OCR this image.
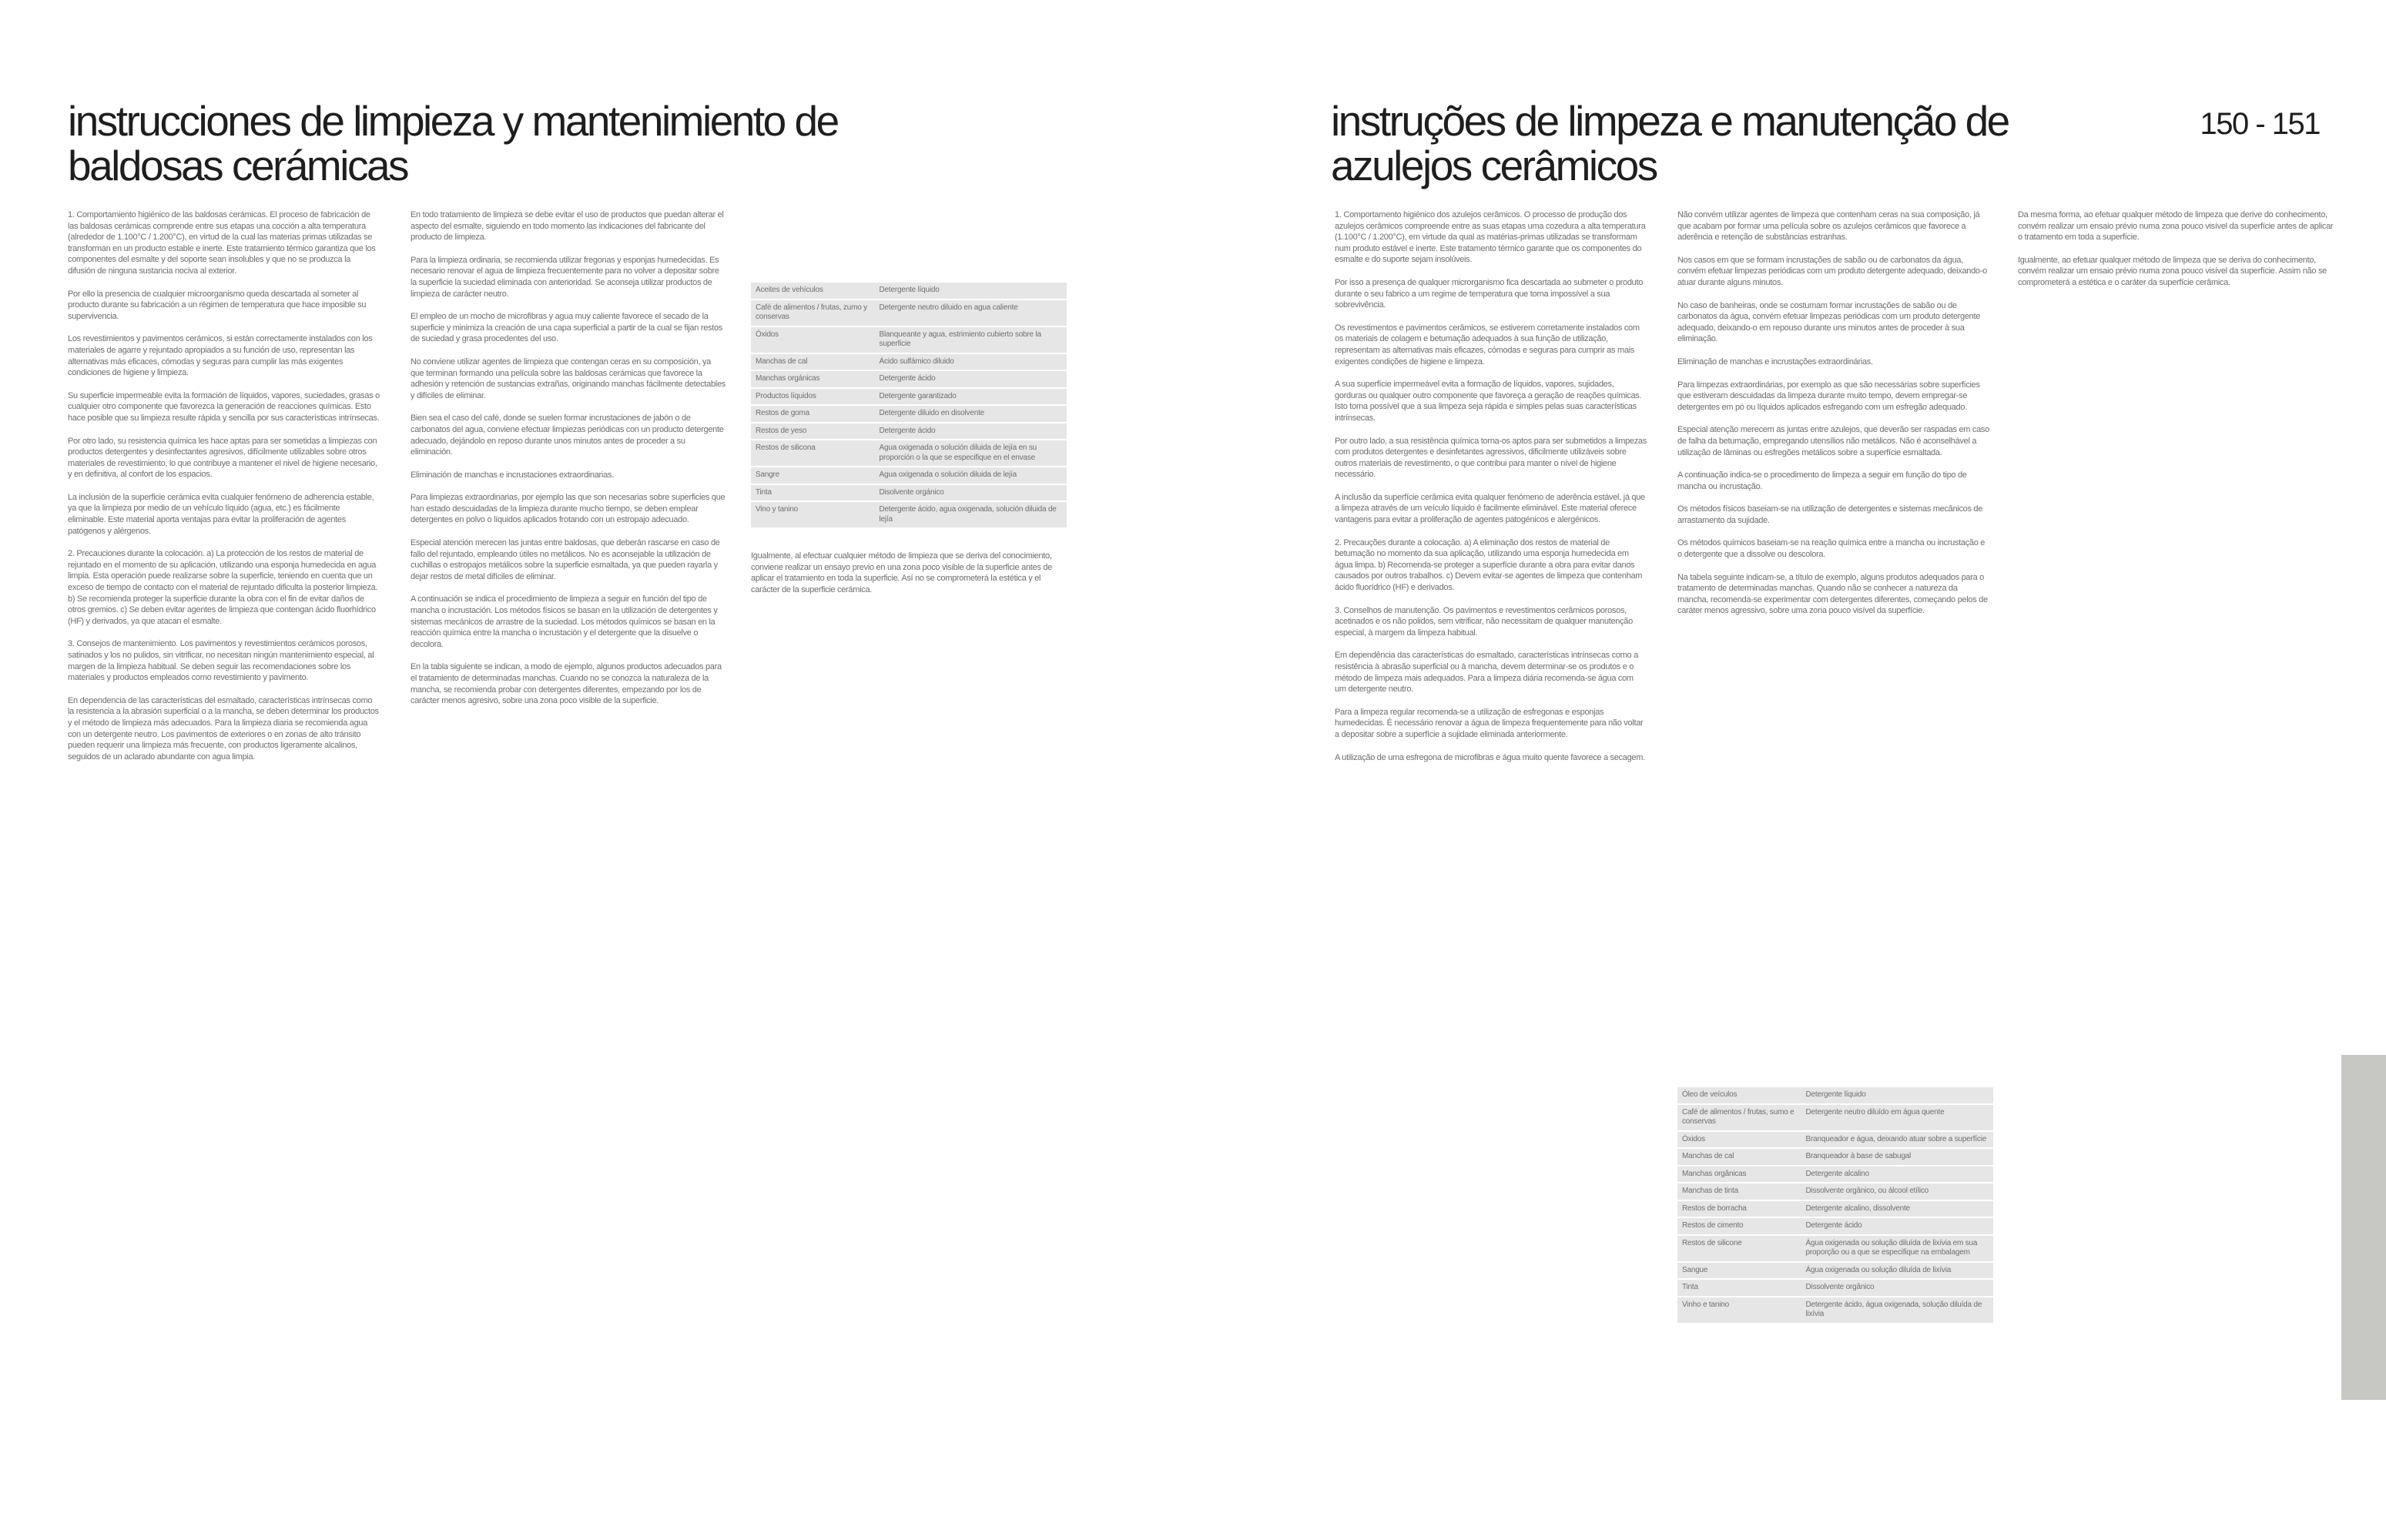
instrucciones de limpieza y mantenimiento de baldosas cerámicas
instruções de limpeza e manutenção de azulejos cerâmicos
150 - 151

1. Comportamiento higiénico de las baldosas cerámicas. El proceso de fabricación de las baldosas cerámicas comprende entre sus etapas una cocción a alta temperatura (alrededor de 1.100°C / 1.200°C), en virtud de la cual las materias primas utilizadas se transforman en un producto estable e inerte. Este tratamiento térmico garantiza que los componentes del esmalte y del soporte sean insolubles y que no se produzca la difusión de ninguna sustancia nociva al exterior.

Por ello la presencia de cualquier microorganismo queda descartada al someter al producto durante su fabricación a un régimen de temperatura que hace imposible su supervivencia.

Los revestimientos y pavimentos cerámicos, si están correctamente instalados con los materiales de agarre y rejuntado apropiados a su función de uso, representan las alternativas más eficaces, cómodas y seguras para cumplir las más exigentes condiciones de higiene y limpieza.

Su superficie impermeable evita la formación de líquidos, vapores, suciedades, grasas o cualquier otro componente que favorezca la generación de reacciones químicas. Esto hace posible que su limpieza resulte rápida y sencilla por sus características intrínsecas.

Por otro lado, su resistencia química les hace aptas para ser sometidas a limpiezas con productos detergentes y desinfectantes agresivos, difícilmente utilizables sobre otros materiales de revestimiento, lo que contribuye a mantener el nivel de higiene necesario, y en definitiva, al confort de los espacios.

La inclusión de la superficie cerámica evita cualquier fenómeno de adherencia estable, ya que la limpieza por medio de un vehículo líquido (agua, etc.) es fácilmente eliminable. Este material aporta ventajas para evitar la proliferación de agentes patógenos y alérgenos.

2. Precauciones durante la colocación. a) La protección de los restos de material de rejuntado en el momento de su aplicación, utilizando una esponja humedecida en agua limpia. Esta operación puede realizarse sobre la superficie, teniendo en cuenta que un exceso de tiempo de contacto con el material de rejuntado dificulta la posterior limpieza. b) Se recomienda proteger la superficie durante la obra con el fin de evitar daños de otros gremios. c) Se deben evitar agentes de limpieza que contengan ácido fluorhídrico (HF) y derivados, ya que atacan el esmalte.

3. Consejos de mantenimiento. Los pavimentos y revestimientos cerámicos porosos, satinados y los no pulidos, sin vitrificar, no necesitan ningún mantenimiento especial, al margen de la limpieza habitual. Se deben seguir las recomendaciones sobre los materiales y productos empleados como revestimiento y pavimento.

En dependencia de las características del esmaltado, características intrínsecas como la resistencia a la abrasión superficial o a la mancha, se deben determinar los productos y el método de limpieza más adecuados. Para la limpieza diaria se recomienda agua con un detergente neutro. Los pavimentos de exteriores o en zonas de alto tránsito pueden requerir una limpieza más frecuente, con productos ligeramente alcalinos, seguidos de un aclarado abundante con agua limpia.

En todo tratamiento de limpieza se debe evitar el uso de productos que puedan alterar el aspecto del esmalte, siguiendo en todo momento las indicaciones del fabricante del producto de limpieza.

Para la limpieza ordinaria, se recomienda utilizar fregonas y esponjas humedecidas. Es necesario renovar el agua de limpieza frecuentemente para no volver a depositar sobre la superficie la suciedad eliminada con anterioridad. Se aconseja utilizar productos de limpieza de carácter neutro.

El empleo de un mocho de microfibras y agua muy caliente favorece el secado de la superficie y minimiza la creación de una capa superficial a partir de la cual se fijan restos de suciedad y grasa procedentes del uso.

No conviene utilizar agentes de limpieza que contengan ceras en su composición, ya que terminan formando una película sobre las baldosas cerámicas que favorece la adhesión y retención de sustancias extrañas, originando manchas fácilmente detectables y difíciles de eliminar.

Bien sea el caso del café, donde se suelen formar incrustaciones de jabón o de carbonatos del agua, conviene efectuar limpiezas periódicas con un producto detergente adecuado, dejándolo en reposo durante unos minutos antes de proceder a su eliminación.

Eliminación de manchas e incrustaciones extraordinarias.

Para limpiezas extraordinarias, por ejemplo las que son necesarias sobre superficies que han estado descuidadas de la limpieza durante mucho tiempo, se deben emplear detergentes en polvo o líquidos aplicados frotando con un estropajo adecuado.

Especial atención merecen las juntas entre baldosas, que deberán rascarse en caso de fallo del rejuntado, empleando útiles no metálicos. No es aconsejable la utilización de cuchillas o estropajos metálicos sobre la superficie esmaltada, ya que pueden rayarla y dejar restos de metal difíciles de eliminar.

A continuación se indica el procedimiento de limpieza a seguir en función del tipo de mancha o incrustación. Los métodos físicos se basan en la utilización de detergentes y sistemas mecánicos de arrastre de la suciedad. Los métodos químicos se basan en la reacción química entre la mancha o incrustación y el detergente que la disuelve o decolora.

En la tabla siguiente se indican, a modo de ejemplo, algunos productos adecuados para el tratamiento de determinadas manchas. Cuando no se conozca la naturaleza de la mancha, se recomienda probar con detergentes diferentes, empezando por los de carácter menos agresivo, sobre una zona poco visible de la superficie.

Aceites de vehículos	Detergente líquido
Café de alimentos / frutas, zumo y conservas	Detergente neutro diluido en agua caliente
Óxidos	Blanqueante y agua, estrimiento cubierto sobre la superficie
Manchas de cal	Ácido sulfámico diluido
Manchas orgánicas	Detergente ácido
Productos líquidos	Detergente garantizado
Restos de goma	Detergente diluido en disolvente
Restos de yeso	Detergente ácido
Restos de silicona	Agua oxigenada o solución diluida de lejía en su proporción o la que se especifique en el envase
Sangre	Agua oxigenada o solución diluida de lejía
Tinta	Disolvente orgánico
Vino y tanino	Detergente ácido, agua oxigenada, solución diluida de lejía

Igualmente, al efectuar cualquier método de limpieza que se deriva del conocimiento, conviene realizar un ensayo previo en una zona poco visible de la superficie antes de aplicar el tratamiento en toda la superficie. Así no se comprometerá la estética y el carácter de la superficie cerámica.

1. Comportamento higiénico dos azulejos cerâmicos. O processo de produção dos azulejos cerâmicos compreende entre as suas etapas uma cozedura a alta temperatura (1.100°C / 1.200°C), em virtude da qual as matérias-primas utilizadas se transformam num produto estável e inerte. Este tratamento térmico garante que os componentes do esmalte e do suporte sejam insolúveis.

Por isso a presença de qualquer microrganismo fica descartada ao submeter o produto durante o seu fabrico a um regime de temperatura que torna impossível a sua sobrevivência.

Os revestimentos e pavimentos cerâmicos, se estiverem corretamente instalados com os materiais de colagem e betumação adequados à sua função de utilização, representam as alternativas mais eficazes, cómodas e seguras para cumprir as mais exigentes condições de higiene e limpeza.

A sua superfície impermeável evita a formação de líquidos, vapores, sujidades, gorduras ou qualquer outro componente que favoreça a geração de reações químicas. Isto torna possível que a sua limpeza seja rápida e simples pelas suas características intrínsecas.

Por outro lado, a sua resistência química torna-os aptos para ser submetidos a limpezas com produtos detergentes e desinfetantes agressivos, dificilmente utilizáveis sobre outros materiais de revestimento, o que contribui para manter o nível de higiene necessário.

A inclusão da superfície cerâmica evita qualquer fenómeno de aderência estável, já que a limpeza através de um veículo líquido é facilmente eliminável. Este material oferece vantagens para evitar a proliferação de agentes patogénicos e alergénicos.

2. Precauções durante a colocação. a) A eliminação dos restos de material de betumação no momento da sua aplicação, utilizando uma esponja humedecida em água limpa. b) Recomenda-se proteger a superfície durante a obra para evitar danos causados por outros trabalhos. c) Devem evitar-se agentes de limpeza que contenham ácido fluorídrico (HF) e derivados.

3. Conselhos de manutenção. Os pavimentos e revestimentos cerâmicos porosos, acetinados e os não polidos, sem vitrificar, não necessitam de qualquer manutenção especial, à margem da limpeza habitual.

Em dependência das características do esmaltado, características intrínsecas como a resistência à abrasão superficial ou à mancha, devem determinar-se os produtos e o método de limpeza mais adequados. Para a limpeza diária recomenda-se água com um detergente neutro.

Para a limpeza regular recomenda-se a utilização de esfregonas e esponjas humedecidas. É necessário renovar a água de limpeza frequentemente para não voltar a depositar sobre a superfície a sujidade eliminada anteriormente.

A utilização de uma esfregona de microfibras e água muito quente favorece a secagem.

Não convém utilizar agentes de limpeza que contenham ceras na sua composição, já que acabam por formar uma película sobre os azulejos cerâmicos que favorece a aderência e retenção de substâncias estranhas.

Nos casos em que se formam incrustações de sabão ou de carbonatos da água, convém efetuar limpezas periódicas com um produto detergente adequado, deixando-o atuar durante alguns minutos.

No caso de banheiras, onde se costumam formar incrustações de sabão ou de carbonatos da água, convém efetuar limpezas periódicas com um produto detergente adequado, deixando-o em repouso durante uns minutos antes de proceder à sua eliminação.

Eliminação de manchas e incrustações extraordinárias.

Para limpezas extraordinárias, por exemplo as que são necessárias sobre superfícies que estiveram descuidadas da limpeza durante muito tempo, devem empregar-se detergentes em pó ou líquidos aplicados esfregando com um esfregão adequado.

Especial atenção merecem as juntas entre azulejos, que deverão ser raspadas em caso de falha da betumação, empregando utensílios não metálicos. Não é aconselhável a utilização de lâminas ou esfregões metálicos sobre a superfície esmaltada.

A continuação indica-se o procedimento de limpeza a seguir em função do tipo de mancha ou incrustação.

Os métodos físicos baseiam-se na utilização de detergentes e sistemas mecânicos de arrastamento da sujidade.

Os métodos químicos baseiam-se na reação química entre a mancha ou incrustação e o detergente que a dissolve ou descolora.

Na tabela seguinte indicam-se, a título de exemplo, alguns produtos adequados para o tratamento de determinadas manchas. Quando não se conhecer a natureza da mancha, recomenda-se experimentar com detergentes diferentes, começando pelos de caráter menos agressivo, sobre uma zona pouco visível da superfície.

Da mesma forma, ao efetuar qualquer método de limpeza que derive do conhecimento, convém realizar um ensaio prévio numa zona pouco visível da superfície antes de aplicar o tratamento em toda a superfície.

Igualmente, ao efetuar qualquer método de limpeza que se deriva do conhecimento, convém realizar um ensaio prévio numa zona pouco visível da superfície. Assim não se comprometerá a estética e o caráter da superfície cerâmica.

Óleo de veículos	Detergente líquido
Café de alimentos / frutas, sumo e conservas	Detergente neutro diluído em água quente
Óxidos	Branqueador e água, deixando atuar sobre a superfície
Manchas de cal	Branqueador à base de sabugal
Manchas orgânicas	Detergente alcalino
Manchas de tinta	Dissolvente orgânico, ou álcool etílico
Restos de borracha	Detergente alcalino, dissolvente
Restos de cimento	Detergente ácido
Restos de silicone	Água oxigenada ou solução diluída de lixívia em sua proporção ou a que se especifique na embalagem
Sangue	Água oxigenada ou solução diluída de lixívia
Tinta	Dissolvente orgânico
Vinho e tanino	Detergente ácido, água oxigenada, solução diluída de lixívia
